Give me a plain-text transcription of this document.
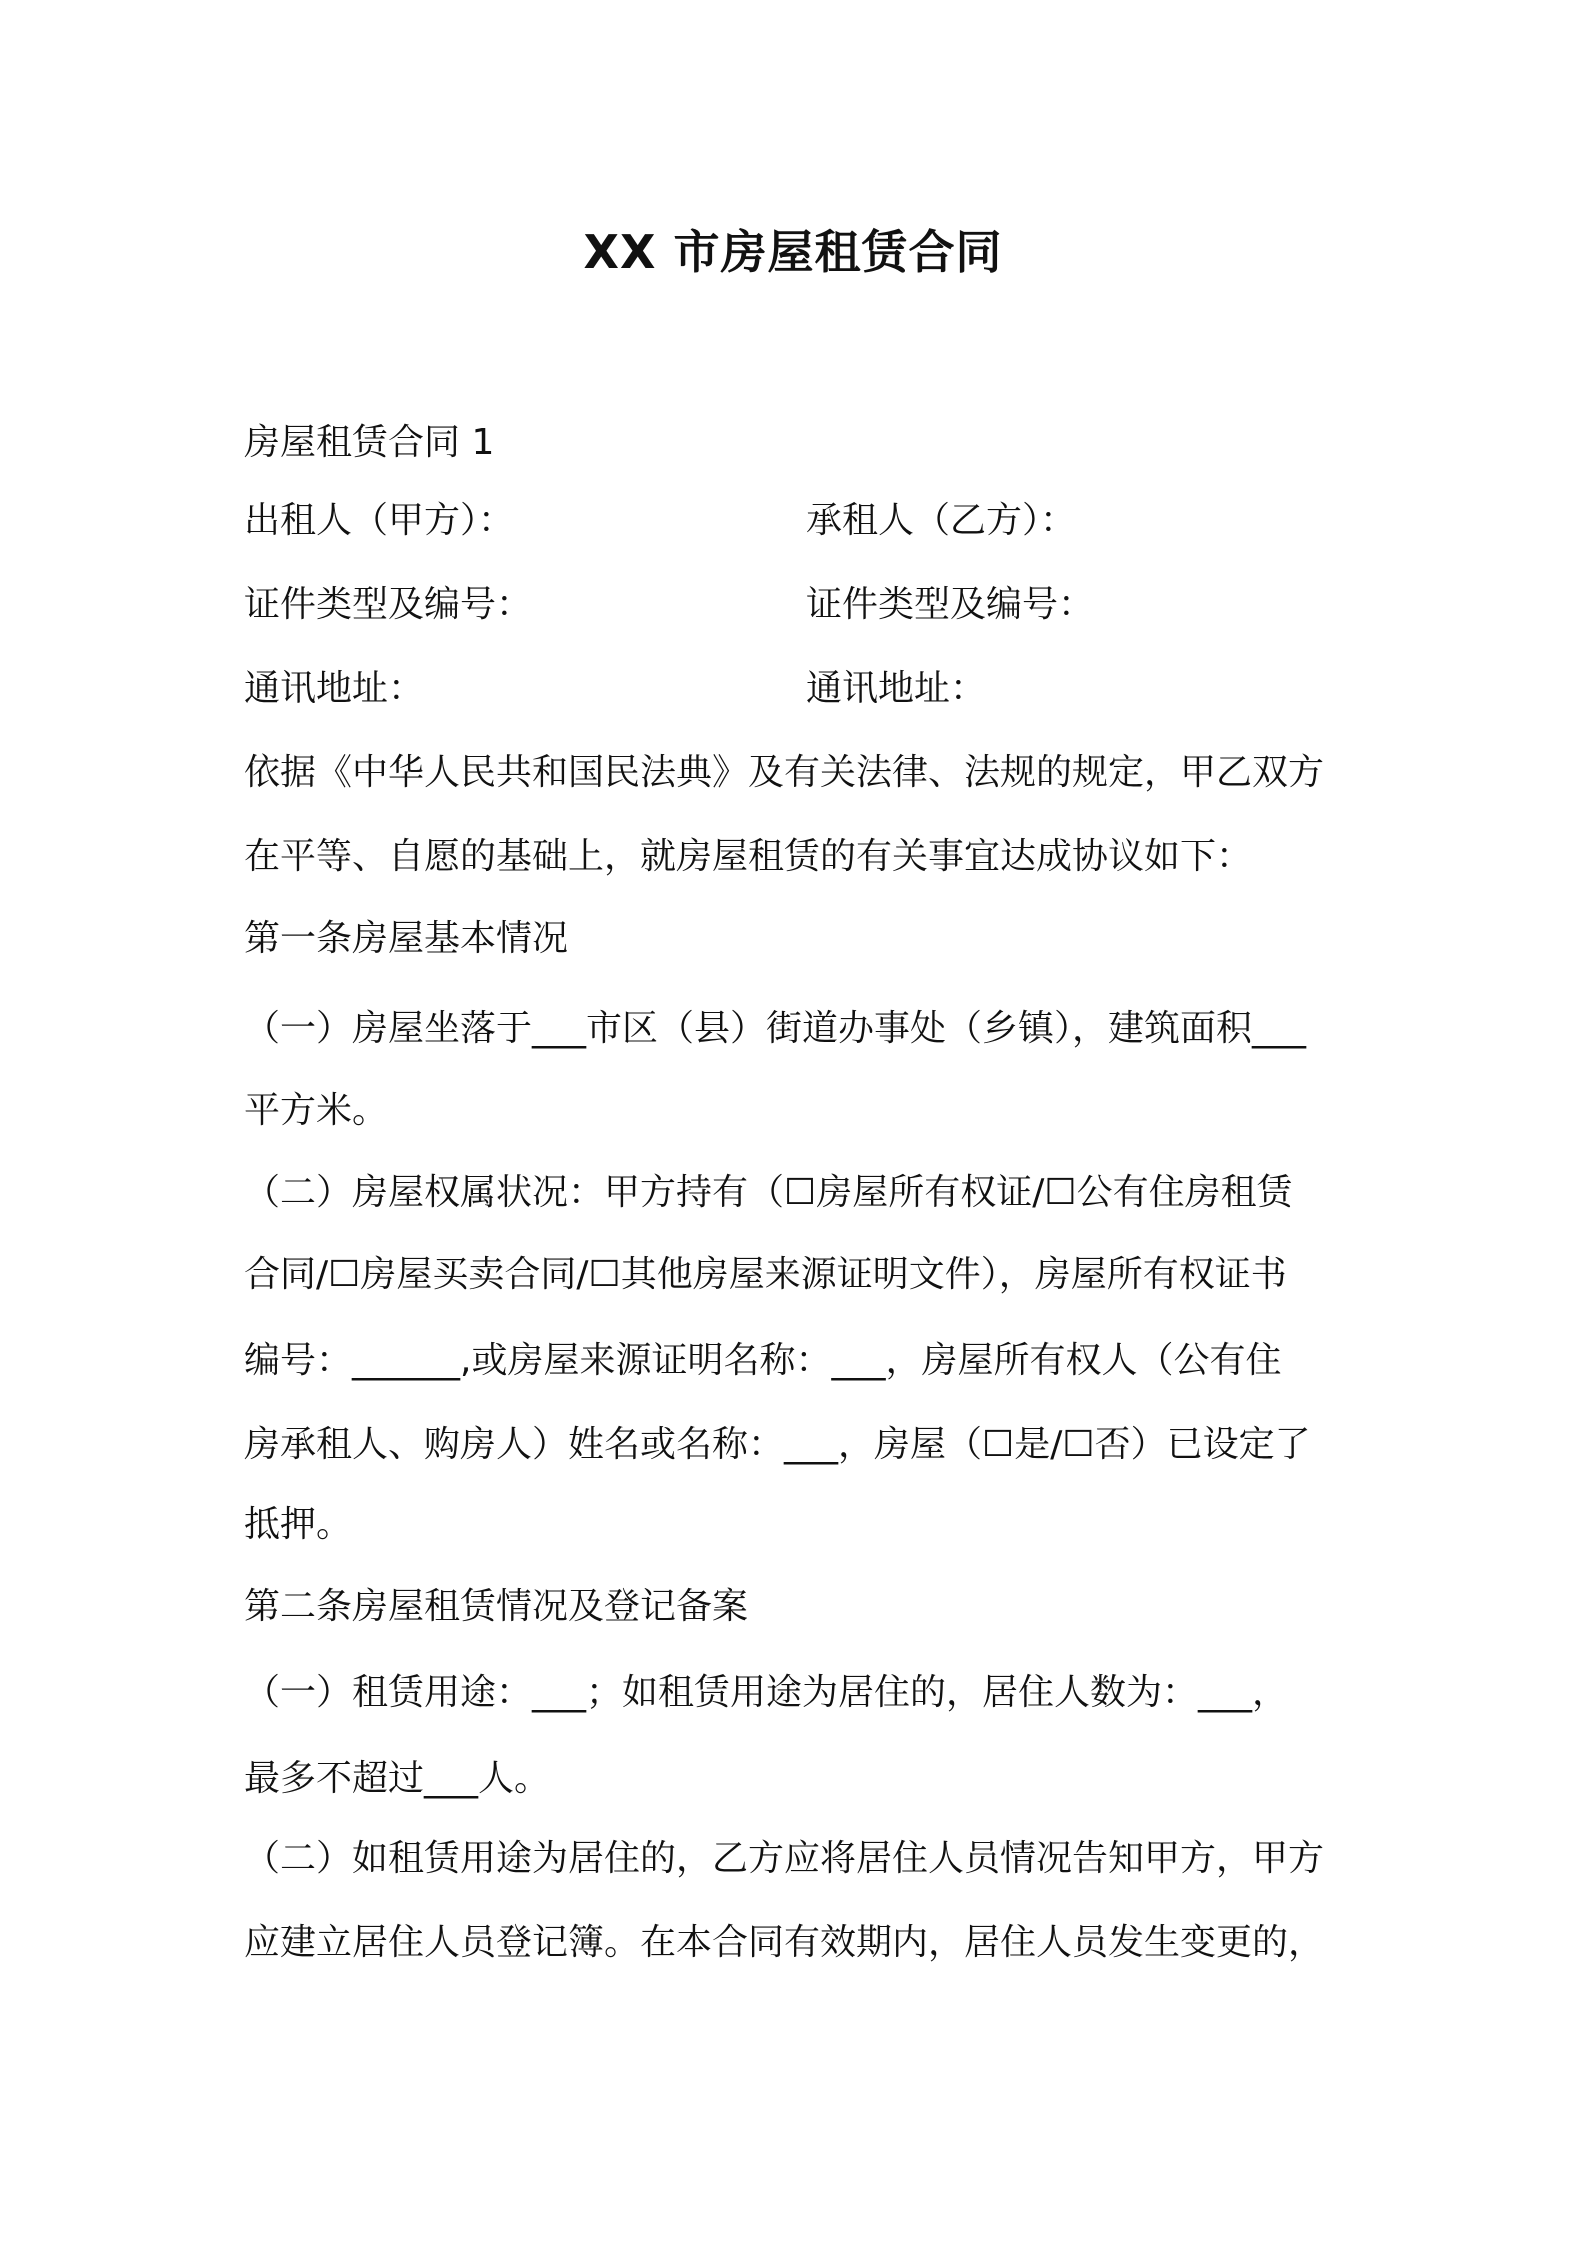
XX 市房屋租赁合同
房屋租赁合同 1
出租人（甲方）：	承租人（乙方）：
证件类型及编号：	证件类型及编号：
通讯地址：	通讯地址：
依据《中华人民共和国民法典》及有关法律、法规的规定，甲乙双方
在平等、自愿的基础上，就房屋租赁的有关事宜达成协议如下：
第一条房屋基本情况
（一）房屋坐落于___市区（县）街道办事处（乡镇），建筑面积___
平方米。
（二）房屋权属状况：甲方持有（☐房屋所有权证/☐公有住房租赁
合同/☐房屋买卖合同/☐其他房屋来源证明文件），房屋所有权证书
编号：______,或房屋来源证明名称：___，房屋所有权人（公有住
房承租人、购房人）姓名或名称：___，房屋（☐是/☐否）已设定了
抵押。
第二条房屋租赁情况及登记备案
（一）租赁用途：___；如租赁用途为居住的，居住人数为：___，
最多不超过___人。
（二）如租赁用途为居住的，乙方应将居住人员情况告知甲方，甲方
应建立居住人员登记簿。在本合同有效期内，居住人员发生变更的，
